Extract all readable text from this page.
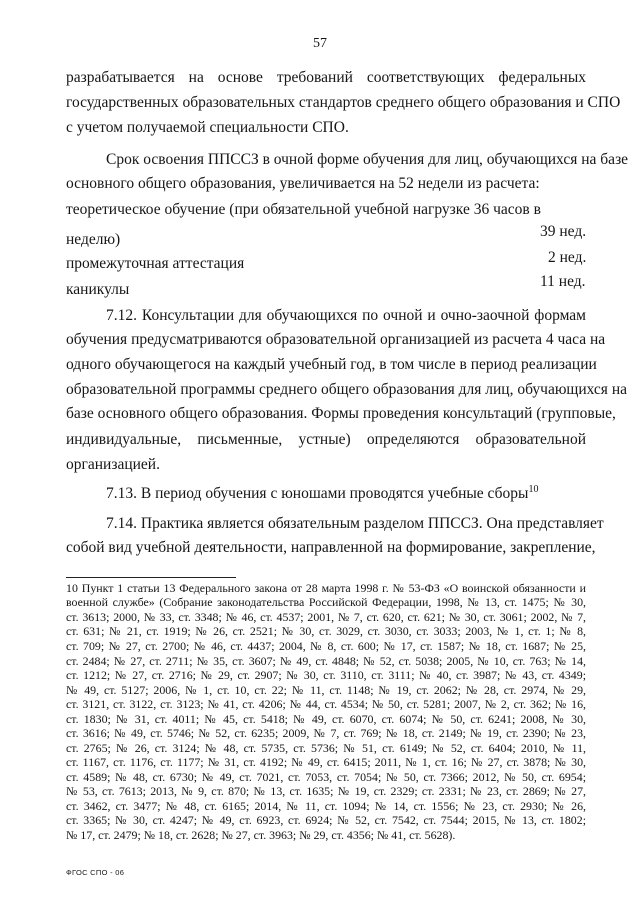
57
разрабатывается на основе требований соответствующих федеральных
государственных образовательных стандартов среднего общего образования и СПО
с учетом получаемой специальности СПО.
Срок освоения ППССЗ в очной форме обучения для лиц, обучающихся на базе
основного общего образования, увеличивается на 52 недели из расчета:
теоретическое обучение (при обязательной учебной нагрузке 36 часов в
39 нед.
неделю)
2 нед.
промежуточная аттестация
11 нед.
каникулы
7.12. Консультации для обучающихся по очной и очно-заочной формам
обучения предусматриваются образовательной организацией из расчета 4 часа на
одного обучающегося на каждый учебный год, в том числе в период реализации
образовательной программы среднего общего образования для лиц, обучающихся на
базе основного общего образования. Формы проведения консультаций (групповые,
индивидуальные, письменные, устные) определяются образовательной
организацией.
7.13. В период обучения с юношами проводятся учебные сборы$^{10}$
7.14. Практика является обязательным разделом ППССЗ. Она представляет
собой вид учебной деятельности, направленной на формирование, закрепление,
10 Пункт 1 статьи 13 Федерального закона от 28 марта 1998 г. № 53-ФЗ «О воинской обязанности и
военной службе» (Собрание законодательства Российской Федерации, 1998, № 13, ст. 1475; № 30,
ст. 3613; 2000, № 33, ст. 3348; № 46, ст. 4537; 2001, № 7, ст. 620, ст. 621; № 30, ст. 3061; 2002, № 7,
ст. 631; № 21, ст. 1919; № 26, ст. 2521; № 30, ст. 3029, ст. 3030, ст. 3033; 2003, № 1, ст. 1; № 8,
ст. 709; № 27, ст. 2700; № 46, ст. 4437; 2004, № 8, ст. 600; № 17, ст. 1587; № 18, ст. 1687; № 25,
ст. 2484; № 27, ст. 2711; № 35, ст. 3607; № 49, ст. 4848; № 52, ст. 5038; 2005, № 10, ст. 763; № 14,
ст. 1212; № 27, ст. 2716; № 29, ст. 2907; № 30, ст. 3110, ст. 3111; № 40, ст. 3987; № 43, ст. 4349;
№ 49, ст. 5127; 2006, № 1, ст. 10, ст. 22; № 11, ст. 1148; № 19, ст. 2062; № 28, ст. 2974, № 29,
ст. 3121, ст. 3122, ст. 3123; № 41, ст. 4206; № 44, ст. 4534; № 50, ст. 5281; 2007, № 2, ст. 362; № 16,
ст. 1830; № 31, ст. 4011; № 45, ст. 5418; № 49, ст. 6070, ст. 6074; № 50, ст. 6241; 2008, № 30,
ст. 3616; № 49, ст. 5746; № 52, ст. 6235; 2009, № 7, ст. 769; № 18, ст. 2149; № 19, ст. 2390; № 23,
ст. 2765; № 26, ст. 3124; № 48, ст. 5735, ст. 5736; № 51, ст. 6149; № 52, ст. 6404; 2010, № 11,
ст. 1167, ст. 1176, ст. 1177; № 31, ст. 4192; № 49, ст. 6415; 2011, № 1, ст. 16; № 27, ст. 3878; № 30,
ст. 4589; № 48, ст. 6730; № 49, ст. 7021, ст. 7053, ст. 7054; № 50, ст. 7366; 2012, № 50, ст. 6954;
№ 53, ст. 7613; 2013, № 9, ст. 870; № 13, ст. 1635; № 19, ст. 2329; ст. 2331; № 23, ст. 2869; № 27,
ст. 3462, ст. 3477; № 48, ст. 6165; 2014, № 11, ст. 1094; № 14, ст. 1556; № 23, ст. 2930; № 26,
ст. 3365; № 30, ст. 4247; № 49, ст. 6923, ст. 6924; № 52, ст. 7542, ст. 7544; 2015, № 13, ст. 1802;
№ 17, ст. 2479; № 18, ст. 2628; № 27, ст. 3963; № 29, ст. 4356; № 41, ст. 5628).
ФГОС СПО - 06
